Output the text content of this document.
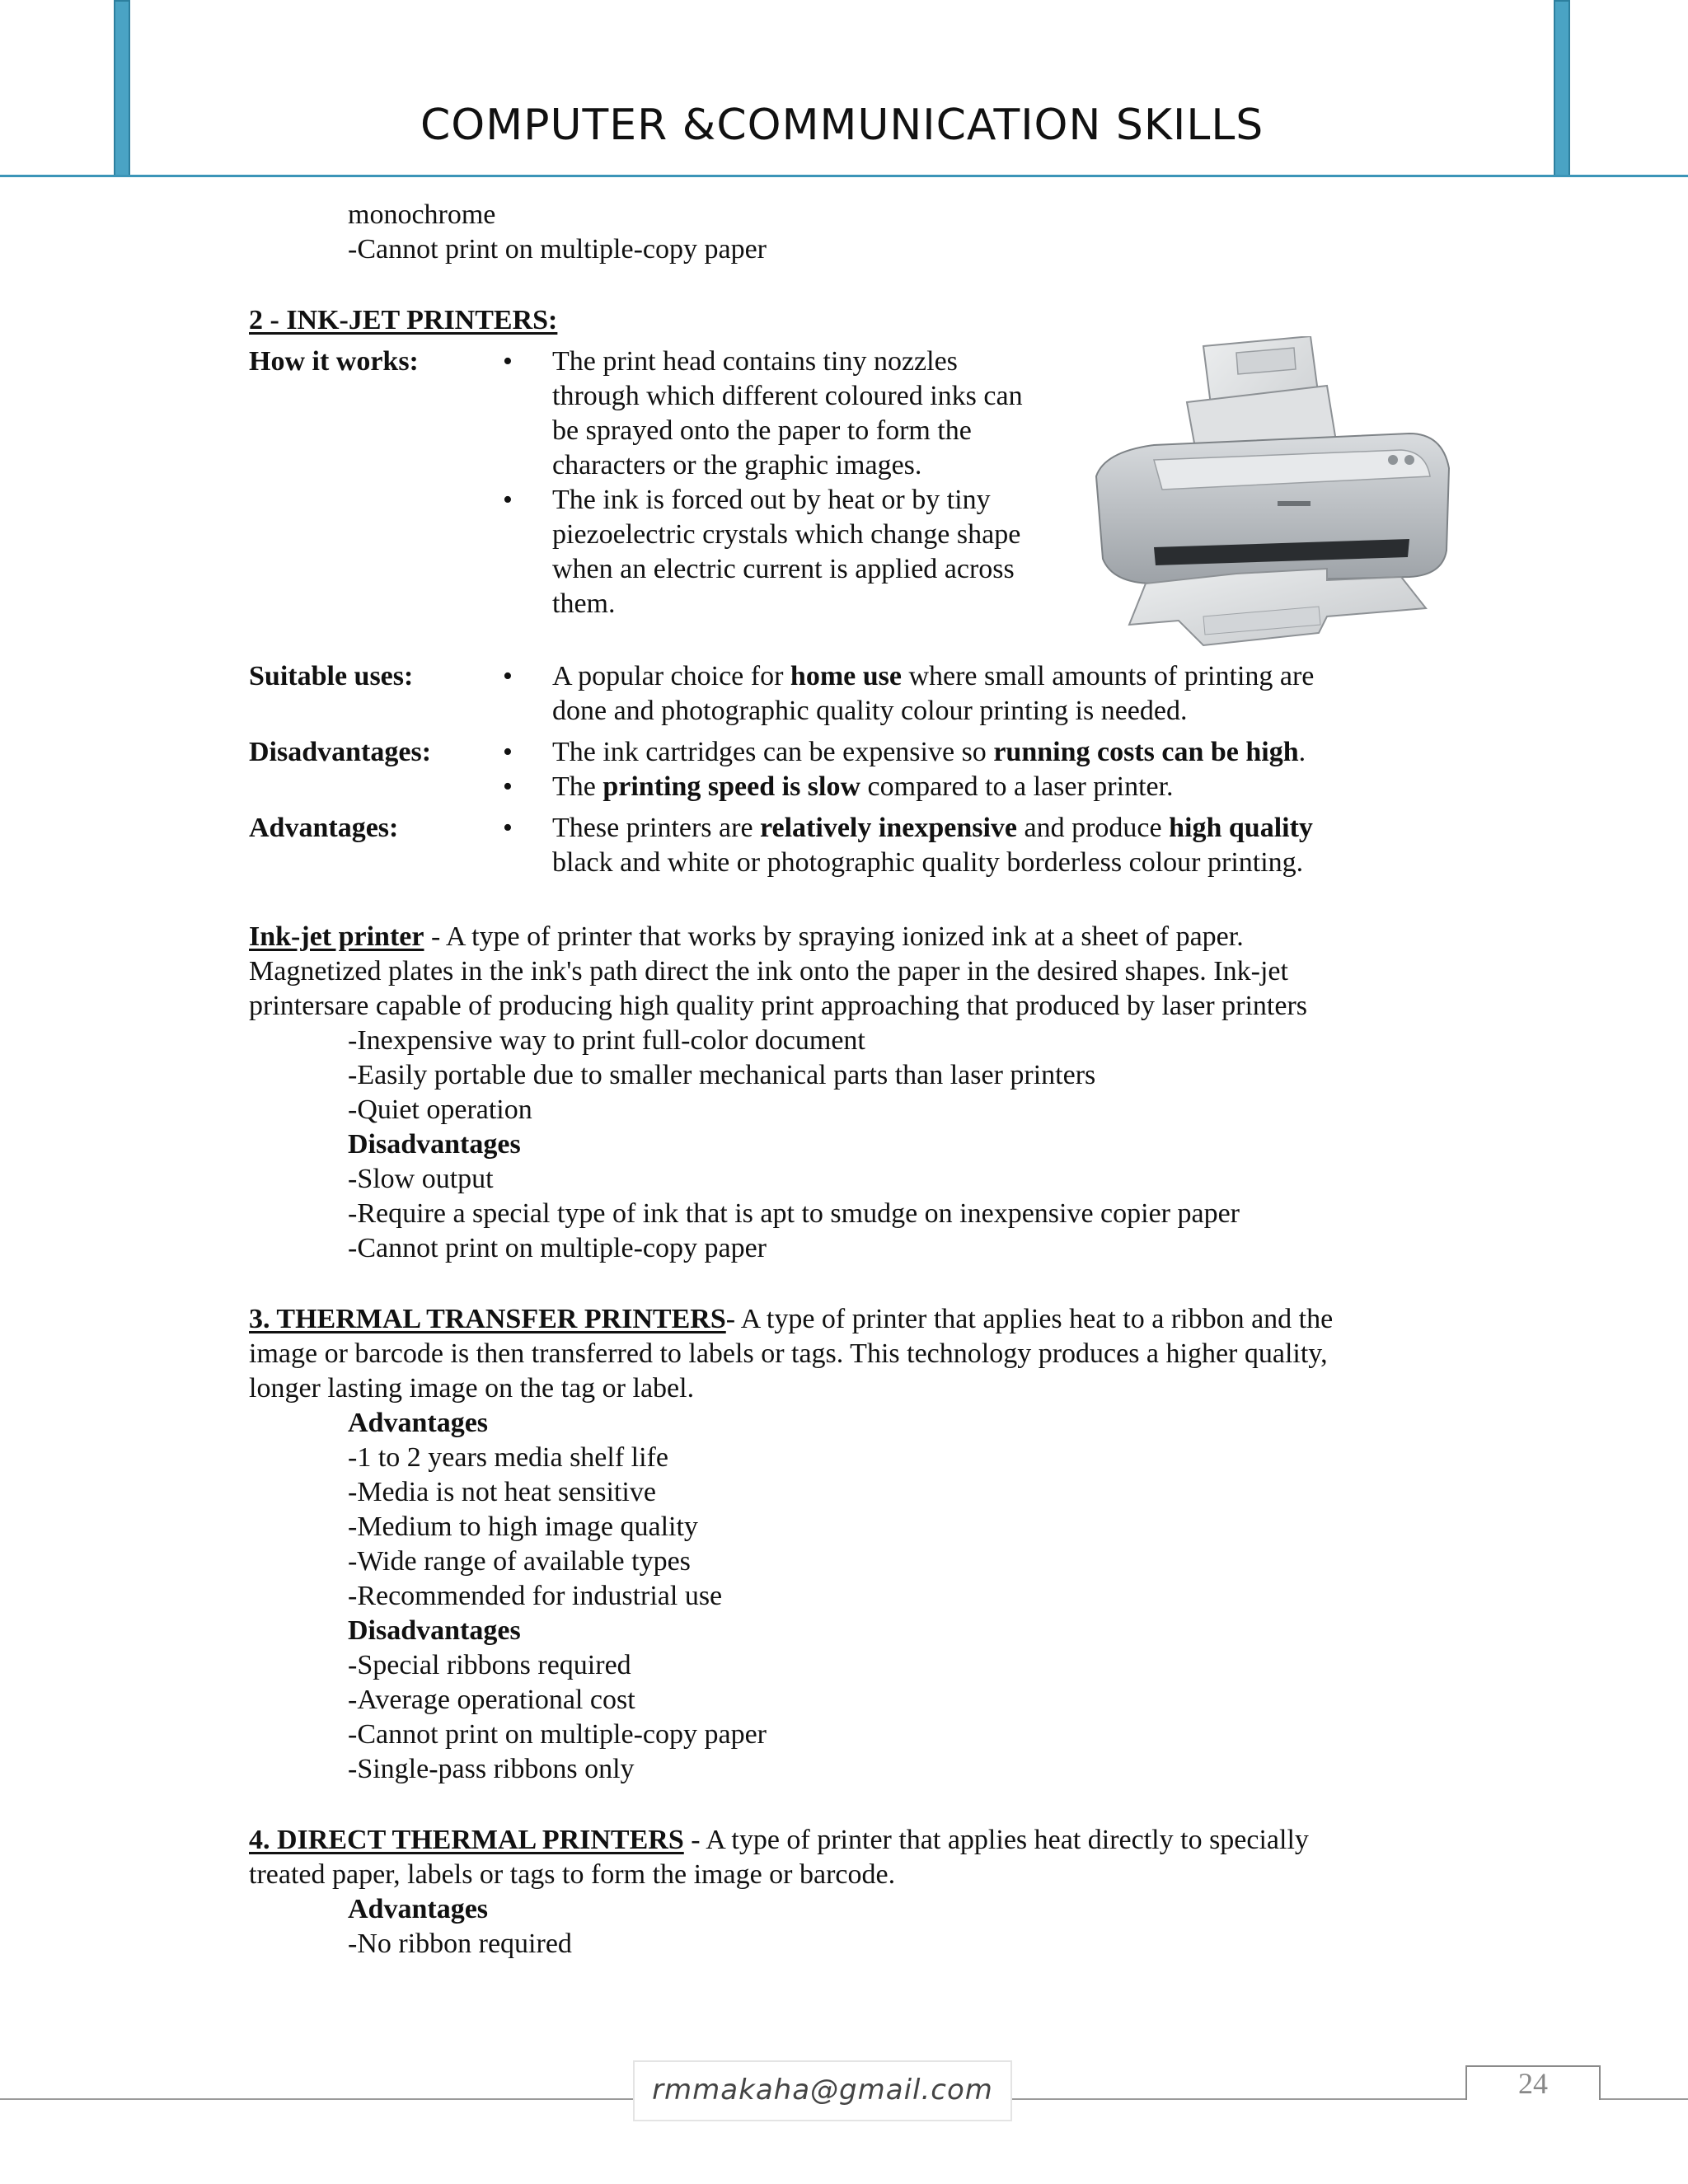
COMPUTER &COMMUNICATION SKILLS
monochrome
-Cannot print on multiple-copy paper
2 - INK-JET PRINTERS:
How it works:	• The print head contains tiny nozzles
through which different coloured inks can
be sprayed onto the paper to form the
characters or the graphic images.
• The ink is forced out by heat or by tiny
piezoelectric crystals which change shape
when an electric current is applied across
them.
Suitable uses:	• A popular choice for home use where small amounts of printing are
done and photographic quality colour printing is needed.
Disadvantages:	• The ink cartridges can be expensive so running costs can be high.
• The printing speed is slow compared to a laser printer.
Advantages:	• These printers are relatively inexpensive and produce high quality
black and white or photographic quality borderless colour printing.
Ink-jet printer - A type of printer that works by spraying ionized ink at a sheet of paper.
Magnetized plates in the ink's path direct the ink onto the paper in the desired shapes. Ink-jet
printersare capable of producing high quality print approaching that produced by laser printers
-Inexpensive way to print full-color document
-Easily portable due to smaller mechanical parts than laser printers
-Quiet operation
Disadvantages
-Slow output
-Require a special type of ink that is apt to smudge on inexpensive copier paper
-Cannot print on multiple-copy paper
3. THERMAL TRANSFER PRINTERS- A type of printer that applies heat to a ribbon and the
image or barcode is then transferred to labels or tags. This technology produces a higher quality,
longer lasting image on the tag or label.
Advantages
-1 to 2 years media shelf life
-Media is not heat sensitive
-Medium to high image quality
-Wide range of available types
-Recommended for industrial use
Disadvantages
-Special ribbons required
-Average operational cost
-Cannot print on multiple-copy paper
-Single-pass ribbons only
4. DIRECT THERMAL PRINTERS - A type of printer that applies heat directly to specially
treated paper, labels or tags to form the image or barcode.
Advantages
-No ribbon required
rmmakaha@gmail.com	24
